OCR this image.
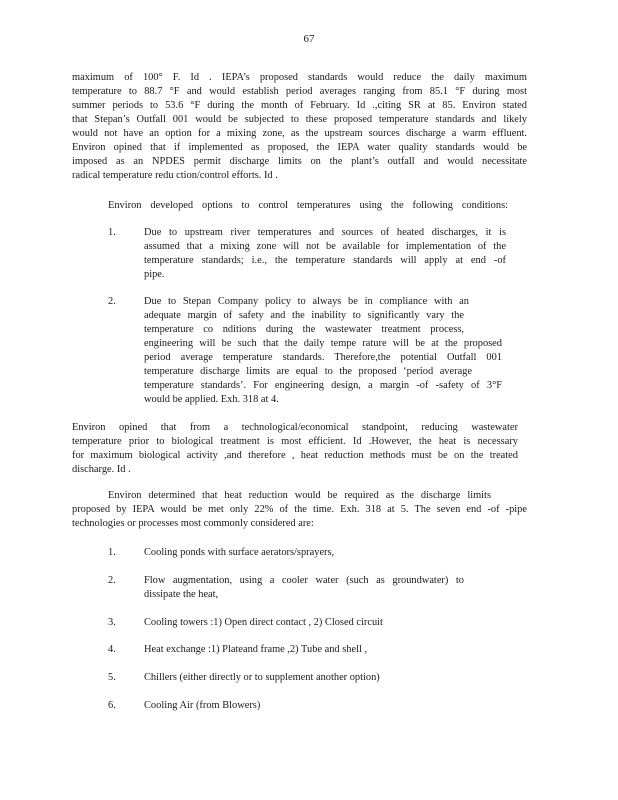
67
maximum of 100° F. Id . IEPA’s proposed standards would reduce the daily maximum
temperature to 88.7 °F and would establish period averages ranging from 85.1 °F during most
summer periods to 53.6 °F during the month of February. Id .,citing SR at 85. Environ stated
that Stepan’s Outfall 001 would be subjected to these proposed temperature standards and likely
would not have an option for a mixing zone, as the upstream sources discharge a warm effluent.
Environ opined that if implemented as proposed, the IEPA water quality standards would be
imposed as an NPDES permit discharge limits on the plant’s outfall and would necessitate
radical temperature redu ction/control efforts. Id .
Environ developed options to control temperatures using the following conditions:
1.	Due to upstream river temperatures and sources of heated discharges, it is
assumed that a mixing zone will not be available for implementation of the
temperature standards; i.e., the temperature standards will apply at end -of
pipe.
2.	Due to Stepan Company policy to always be in compliance with an
adequate margin of safety and the inability to significantly vary the
temperature co nditions during the wastewater treatment process,
engineering will be such that the daily tempe rature will be at the proposed
period average temperature standards. Therefore,the potential Outfall 001
temperature discharge limits are equal to the proposed ‘period average
temperature standards’. For engineering design, a margin -of -safety of 3°F
would be applied. Exh. 318 at 4.
Environ opined that from a technological/economical standpoint, reducing wastewater
temperature prior to biological treatment is most efficient. Id .However, the heat is necessary
for maximum biological activity ,and therefore , heat reduction methods must be on the treated
discharge. Id .
Environ determined that heat reduction would be required as the discharge limits
proposed by IEPA would be met only 22% of the time. Exh. 318 at 5. The seven end -of -pipe
technologies or processes most commonly considered are:
1.	Cooling ponds with surface aerators/sprayers,
2.	Flow augmentation, using a cooler water (such as groundwater) to
dissipate the heat,
3.	Cooling towers :1) Open direct contact , 2) Closed circuit
4.	Heat exchange :1) Plateand frame ,2) Tube and shell ,
5.	Chillers (either directly or to supplement another option)
6.	Cooling Air (from Blowers)
